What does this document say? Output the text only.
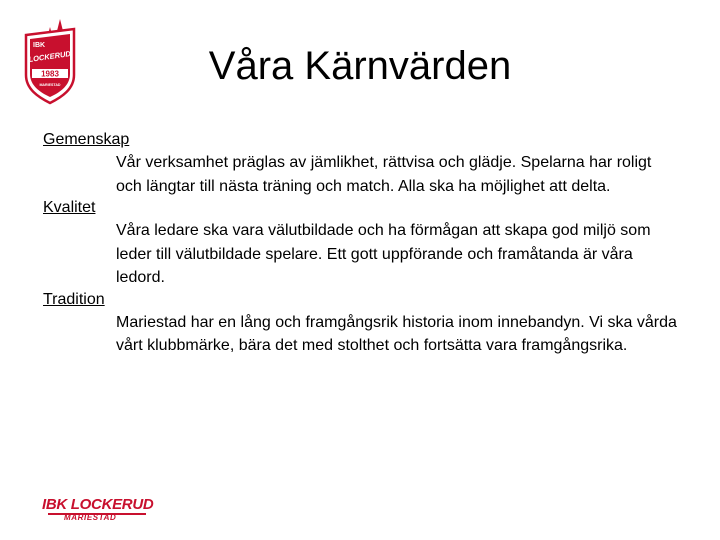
IBK
LOCKERUD
1983
MARIESTAD	Våra Kärnvärden

Gemenskap

Vår verksamhet präglas av jämlikhet, rättvisa och glädje. Spelarna har roligt och längtar till nästa träning och match. Alla ska ha möjlighet att delta.

Kvalitet

Våra ledare ska vara välutbildade och ha förmågan att skapa god miljö som leder till välutbildade spelare. Ett gott uppförande och framåtanda är våra ledord.

Tradition

Mariestad har en lång och framgångsrik historia inom innebandyn. Vi ska vårda vårt klubbmärke, bära det med stolthet och fortsätta vara framgångsrika.

IBK LOCKERUD
MARIESTAD
